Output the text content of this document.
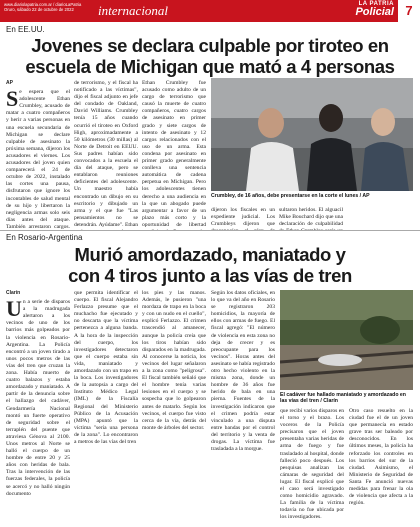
www.diariolapatria.com.ar / diarioLaPatria
Oruro, sábado 22 de octubre de 2022	internacional	LA PATRIA
Policial 7
En EE.UU.
Jovenes se declara culpable por tiroteo en
escuela de Michigan que mató a 4 personas
AP
S e espera que el adolescente Ethan Crumbley, acusado de matar a cuatro compañeros y herir a varias personas en una escuela secundaria de Michigan se declare culpable de asesinato la próxima semana, dijeron los acusadores el viernes. Los acusadores del joven quien comparecerá el 24 de octubre de 2022, instalado las cortes una pausa, disfrutaron que ignore los incontables de salud mental de su hijo y libertaron la negligencia armas solo seis días antes del ataque. También arrestaron cargos.
de terrorismo, y el fiscal ha notificado a las víctimas", dijo el fiscal adjunto en jefe del condado de Oakland, David Williams. Crumbley tenía 15 años cuando ocurrió el tiroteo en Oxford High, aproximadamente a 50 kilómetros (30 millas) al Norte de Detroit en EEUU. Sus padres habían sido convocados a la escuela el día del ataque, pero se entablaron reuniones deficientes del adolescente. Un maestro había encontrado un dibujo en su escritorio y dibujado un arma y el que fue "Las pensamientos no se detendrán. Ayúdame". Ethan
Ethan Crumbley fue acusado como adulto de un cargo de terrorismo que causó la muerte de cuatro compañeros, cuatro cargos de asesinato en primer grado y siete cargos de intento de asesinato y 12 cargos relacionados con el uso de un arma. Esta condena por asesinato en primer grado generalmente conlleva una sentencia automática de cadena perpetua en Michigan. Pero los adolescentes tienen derecho a una audiencia en la que un abogado puede argumentar a favor de un plazo más corto y la oportunidad de libertad
Crumbley, de 16 años, debe presentarse en la corte el lunes / AP
dijeron los fiscales en un expediente judicial. Los Crumbleys dijeron que
sultaron heridos. El alguacil Mike Bouchard dijo que una declaración de culpabilidad
En Rosario-Argentina
Murió amordazado, maniatado y
con 4 tiros junto a las vías de tren
Clarín
U n a serie de disparos a la madrugada alertaron a los vecinos de uno de los barrios más golpeados por la violencia en Rosario-Argentina. La Policía encontró a un joven tirado a unos pocos metros de las vías del tren que cruzan la zona. Había muerto de cuatro balazos y estaba amordazado y maniatado. A partir de la denuncia sobre el hallazgo del cadáver, Gendarmería Nacional montó un fuerte operativo de seguridad sobre el terraplén del puente que atraviesa Génova al 2100. Unos metros al Norte se halló el cuerpo de un hombre de entre 20 y 25 años con heridas de bala. Tras la intervención de las fuerzas federales, la policía se acercó y no halló ningún documento
que permita identificar el cuerpo. El fiscal Alejandro Ferlazzo presume que el muchacho fue ejecutado y no descarta que la víctima pertenezca a alguna banda. A la hora de la inspección del cuerpo, los investigadores detectaron que el cuerpo estaba sin vida, maniatado y amordazado con un trapo en la boca. Los investigadores de la autopsia a cargo del Instituto Médico Legal (IML) de la Fiscalía Regional del Ministerio Público de la Acusación (MPA) apuntó que la víctima "sería una persona de la zona". Lo encontraron a metros de las vías del tren
los pies y las manos. Además, le pusieron "una mordaza de trapo en la boca y con un nudo en el cuello", explicó Ferlazzo. El crimen trascendió al amanecer, aunque la policía creía que los tiros habían sido disparados en la madrugada. Al conocerse la noticia, los vecinos del lugar señalaron a la zona como "peligrosa". El fiscal también señaló que el hombre tenía varias lesiones en el cuerpo y se sospecha que lo golpearon antes de matarlo. Según los vecinos, el cuerpo fue visto cerca de la vía, detrás del monte de árboles del sector.
Según los datos oficiales, en lo que va del año en Rosario se registraron 203 homicidios, la mayoría de ellos con armas de fuego. El fiscal agregó: "El número de violencia en esta zona no deja de crecer y es preocupante para los vecinos". Horas antes del asesinato se había registrado otro hecho violento en la misma zona, donde un hombre de 36 años fue herido de bala en una pierna. Fuentes de la investigación indicaron que el crimen podría estar vinculado a una disputa entre bandas por el control del territorio y la venta de drogas. La víctima fue trasladada a la morgue.
El cadáver fue hallado maniatado y amordazado en las vías del tren / Clarín
que recibí varios disparos en el torso y el brazo. Los voceros de la Policía precisaron que el joven presentaba varias heridas de arma de fuego y fue trasladado al hospital, donde falleció poco después. Los pesquisas analizan las cámaras de seguridad del lugar. El fiscal explicó que el caso será investigado como homicidio agravado. La familia de la víctima todavía no fue ubicada por los investigadores.
Otro caso resuelto en la ciudad fue el de un joven que permanecía en estado grave tras ser baleado por desconocidos. En los últimos meses, la policía ha reforzado los controles en los barrios del sur de la ciudad. Asimismo, el Ministerio de Seguridad de Santa Fe anunció nuevas medidas para frenar la ola de violencia que afecta a la región.
